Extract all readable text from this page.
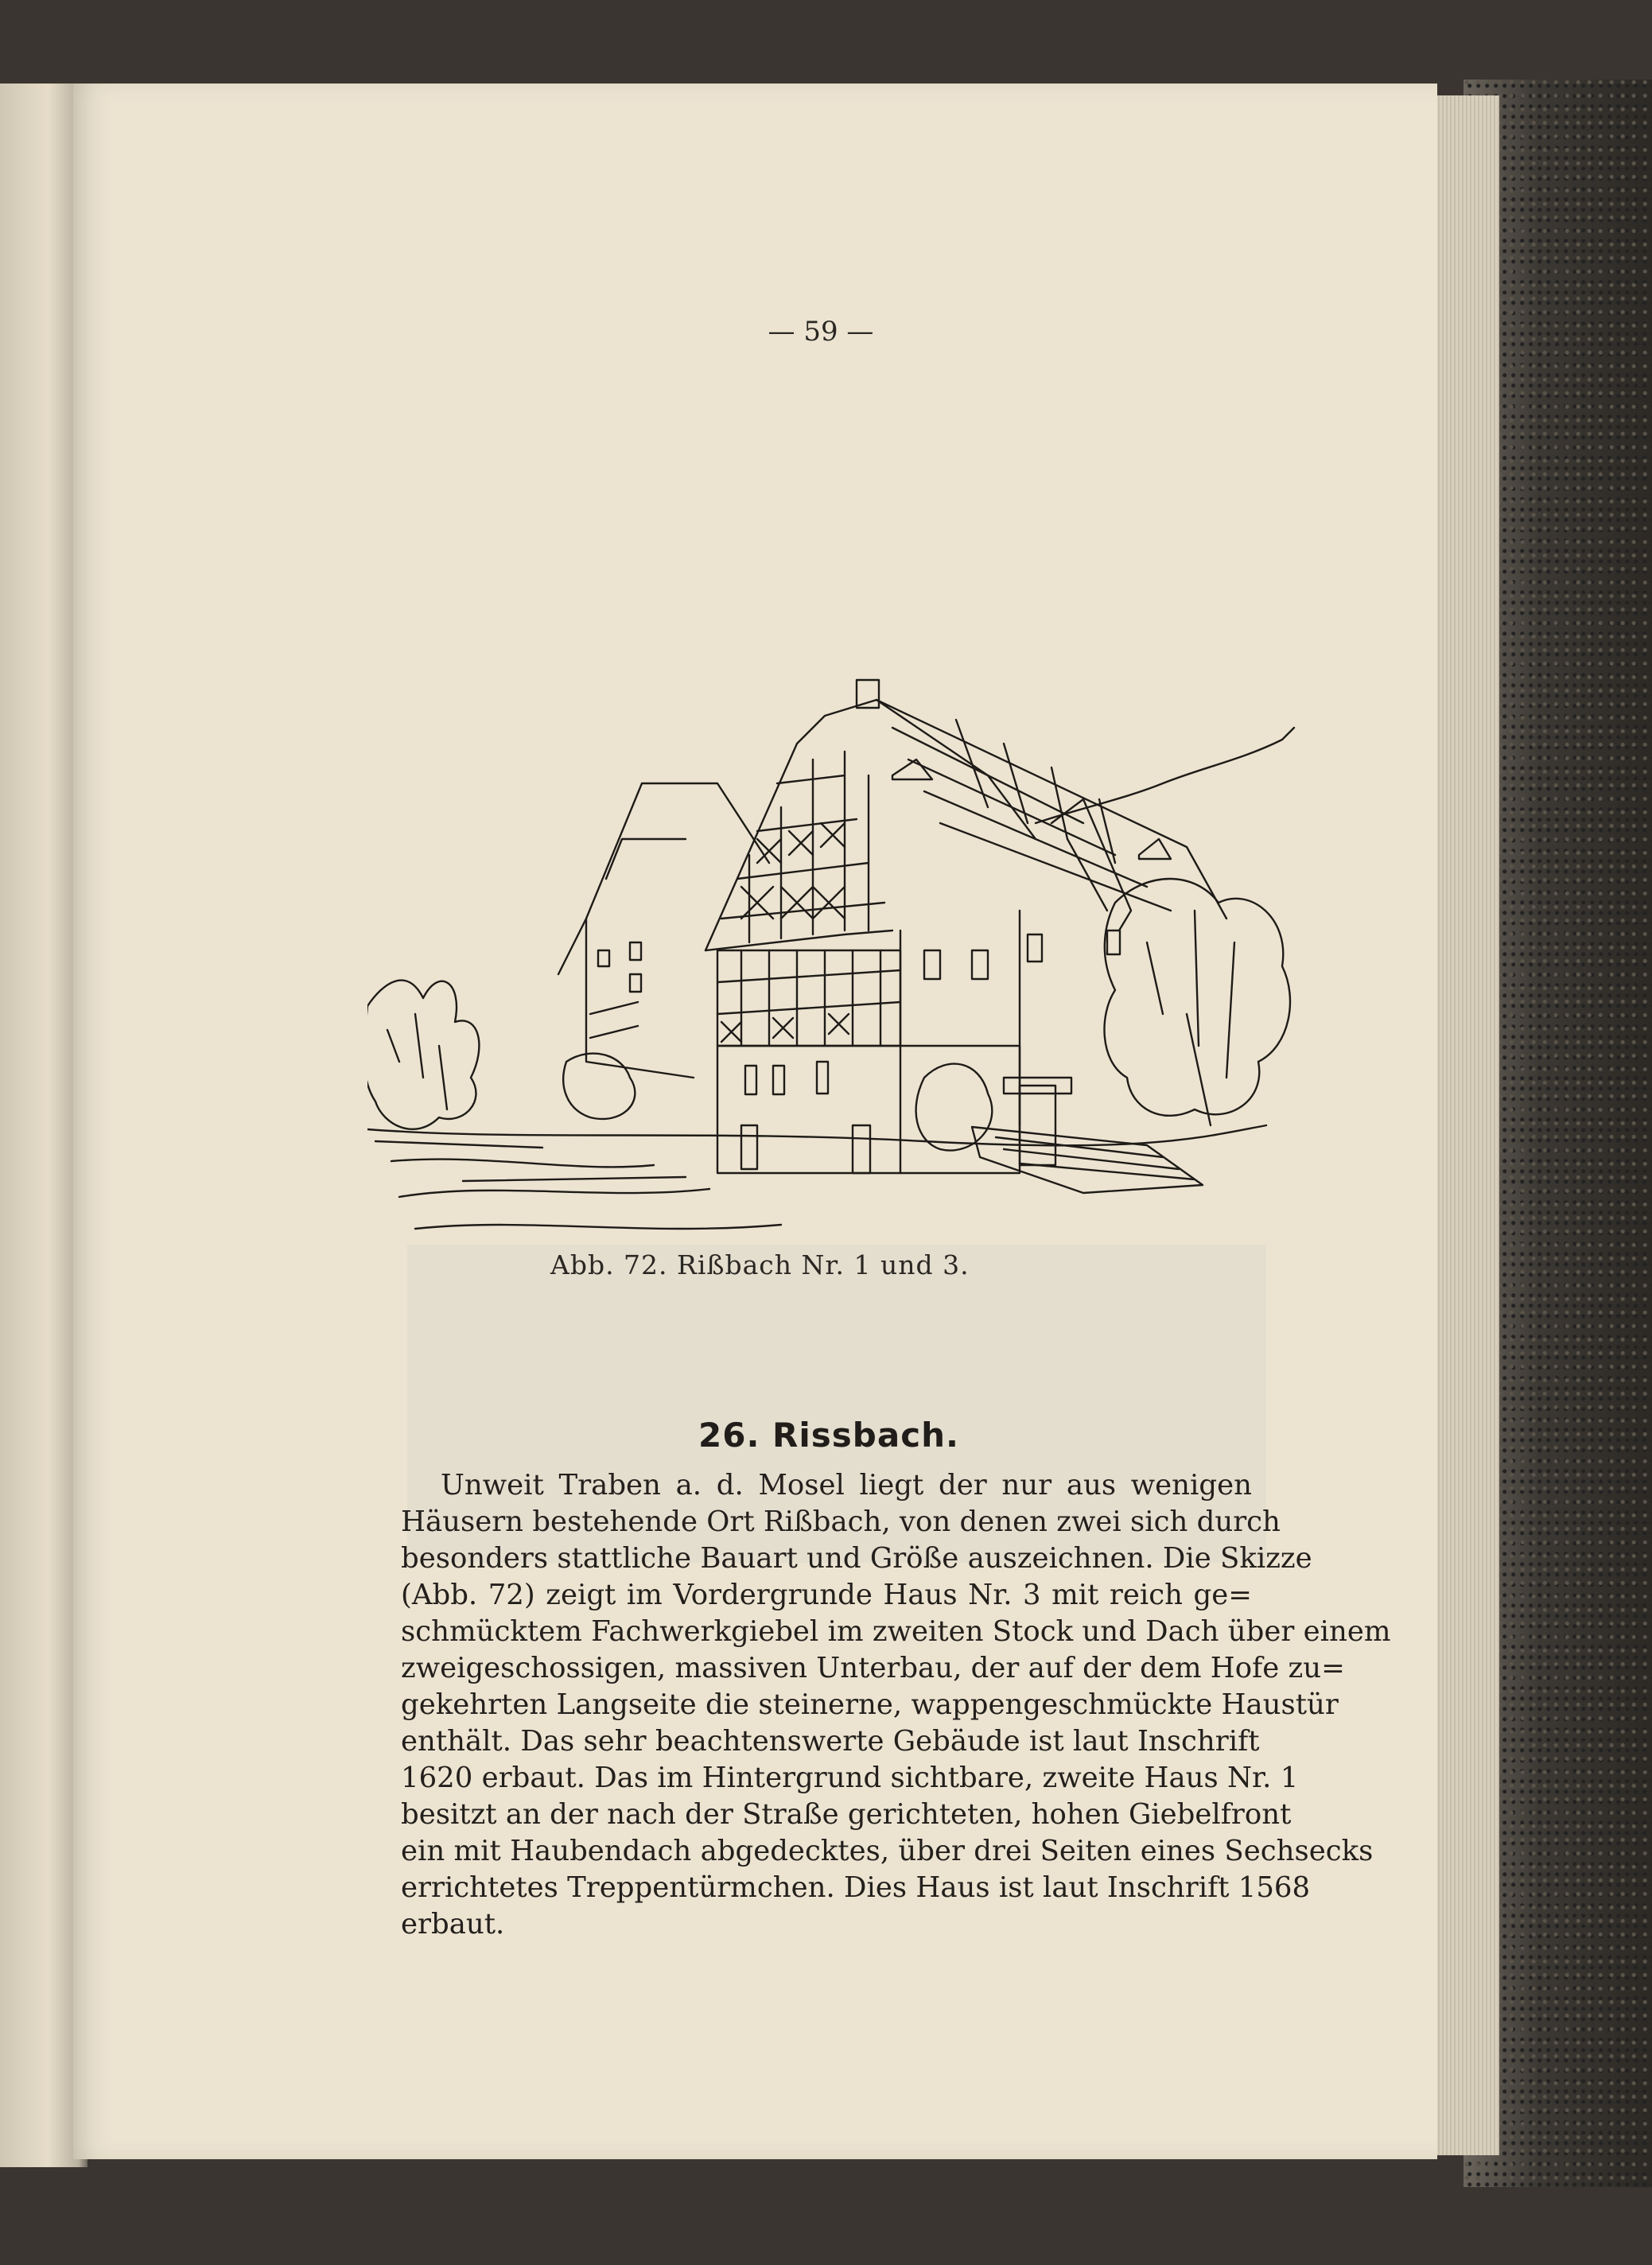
— 59 —
Abb. 72. Rißbach Nr. 1 und 3.
26. Rissbach.
Unweit Traben a. d. Mosel liegt der nur aus wenigen
Häusern bestehende Ort Rißbach, von denen zwei sich durch
besonders stattliche Bauart und Größe auszeichnen. Die Skizze
(Abb. 72) zeigt im Vordergrunde Haus Nr. 3 mit reich ge=
schmücktem Fachwerkgiebel im zweiten Stock und Dach über einem
zweigeschossigen, massiven Unterbau, der auf der dem Hofe zu=
gekehrten Langseite die steinerne, wappengeschmückte Haustür
enthält. Das sehr beachtenswerte Gebäude ist laut Inschrift
1620 erbaut. Das im Hintergrund sichtbare, zweite Haus Nr. 1
besitzt an der nach der Straße gerichteten, hohen Giebelfront
ein mit Haubendach abgedecktes, über drei Seiten eines Sechsecks
errichtetes Treppentürmchen. Dies Haus ist laut Inschrift 1568
erbaut.
